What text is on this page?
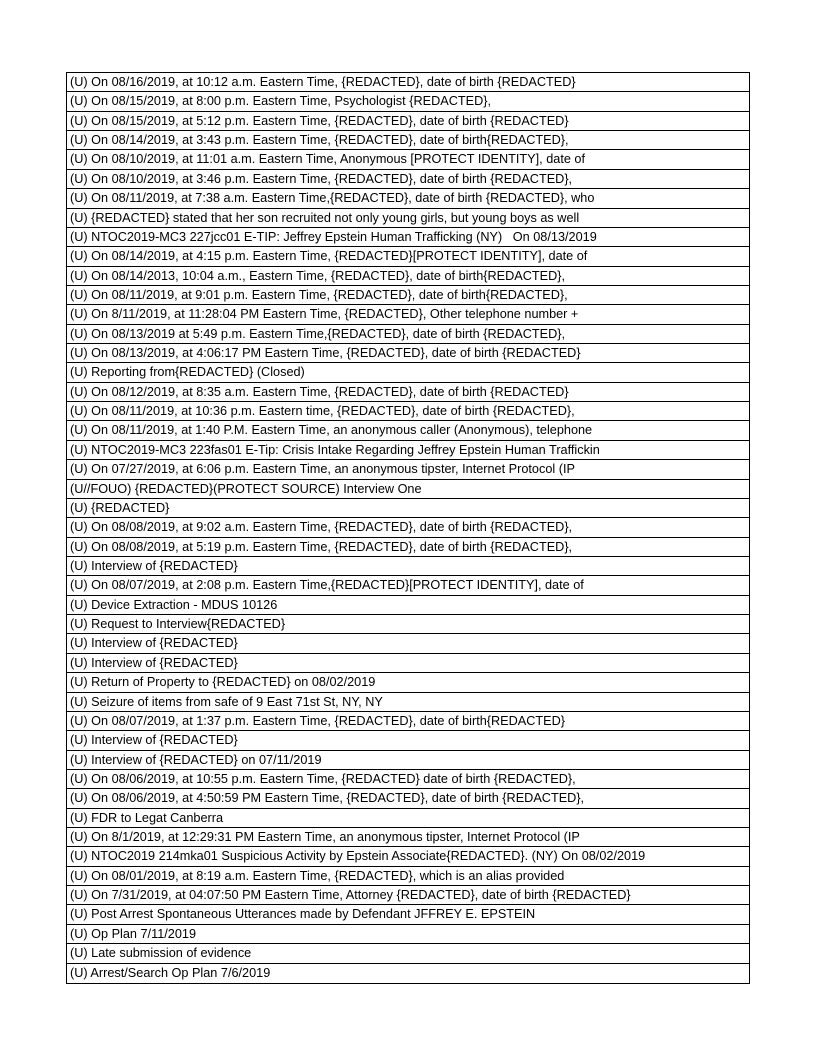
(U) On 08/16/2019, at 10:12 a.m. Eastern Time, {REDACTED}, date of birth {REDACTED}
(U) On 08/15/2019, at 8:00 p.m. Eastern Time, Psychologist {REDACTED},
(U) On 08/15/2019, at 5:12 p.m. Eastern Time, {REDACTED}, date of birth {REDACTED}
(U) On 08/14/2019, at 3:43 p.m. Eastern Time, {REDACTED}, date of birth{REDACTED},
(U) On 08/10/2019, at 11:01 a.m. Eastern Time, Anonymous [PROTECT IDENTITY], date of
(U) On 08/10/2019, at 3:46 p.m. Eastern Time, {REDACTED}, date of birth {REDACTED},
(U) On 08/11/2019, at 7:38 a.m. Eastern Time,{REDACTED}, date of birth {REDACTED}, who
(U) {REDACTED} stated that her son recruited not only young girls, but young boys as well
(U) NTOC2019-MC3 227jcc01 E-TIP: Jeffrey Epstein Human Trafficking (NY)   On 08/13/2019
(U) On 08/14/2019, at 4:15 p.m. Eastern Time, {REDACTED}[PROTECT IDENTITY], date of
(U) On 08/14/2013, 10:04 a.m., Eastern Time, {REDACTED}, date of birth{REDACTED},
(U) On 08/11/2019, at 9:01 p.m. Eastern Time, {REDACTED}, date of birth{REDACTED},
(U) On 8/11/2019, at 11:28:04 PM Eastern Time, {REDACTED}, Other telephone number +
(U) On 08/13/2019 at 5:49 p.m. Eastern Time,{REDACTED}, date of birth {REDACTED},
(U) On 08/13/2019, at 4:06:17 PM Eastern Time, {REDACTED}, date of birth {REDACTED}
(U) Reporting from{REDACTED} (Closed)
(U) On 08/12/2019, at 8:35 a.m. Eastern Time, {REDACTED}, date of birth {REDACTED}
(U) On 08/11/2019, at 10:36 p.m. Eastern time, {REDACTED}, date of birth {REDACTED},
(U) On 08/11/2019, at 1:40 P.M. Eastern Time, an anonymous caller (Anonymous), telephone
(U) NTOC2019-MC3 223fas01 E-Tip: Crisis Intake Regarding Jeffrey Epstein Human Traffickin
(U) On 07/27/2019, at 6:06 p.m. Eastern Time, an anonymous tipster, Internet Protocol (IP
(U//FOUO) {REDACTED}(PROTECT SOURCE) Interview One
(U) {REDACTED}
(U) On 08/08/2019, at 9:02 a.m. Eastern Time, {REDACTED}, date of birth {REDACTED},
(U) On 08/08/2019, at 5:19 p.m. Eastern Time, {REDACTED}, date of birth {REDACTED},
(U) Interview of {REDACTED}
(U) On 08/07/2019, at 2:08 p.m. Eastern Time,{REDACTED}[PROTECT IDENTITY], date of
(U) Device Extraction - MDUS 10126
(U) Request to Interview{REDACTED}
(U) Interview of {REDACTED}
(U) Interview of {REDACTED}
(U) Return of Property to {REDACTED} on 08/02/2019
(U) Seizure of items from safe of 9 East 71st St, NY, NY
(U) On 08/07/2019, at 1:37 p.m. Eastern Time, {REDACTED}, date of birth{REDACTED}
(U) Interview of {REDACTED}
(U) Interview of {REDACTED} on 07/11/2019
(U) On 08/06/2019, at 10:55 p.m. Eastern Time, {REDACTED} date of birth {REDACTED},
(U) On 08/06/2019, at 4:50:59 PM Eastern Time, {REDACTED}, date of birth {REDACTED},
(U) FDR to Legat Canberra
(U) On 8/1/2019, at 12:29:31 PM Eastern Time, an anonymous tipster, Internet Protocol (IP
(U) NTOC2019 214mka01 Suspicious Activity by Epstein Associate{REDACTED}. (NY) On 08/02/2019
(U) On 08/01/2019, at 8:19 a.m. Eastern Time, {REDACTED}, which is an alias provided
(U) On 7/31/2019, at 04:07:50 PM Eastern Time, Attorney {REDACTED}, date of birth {REDACTED}
(U) Post Arrest Spontaneous Utterances made by Defendant JFFREY E. EPSTEIN
(U) Op Plan 7/11/2019
(U) Late submission of evidence
(U) Arrest/Search Op Plan 7/6/2019
